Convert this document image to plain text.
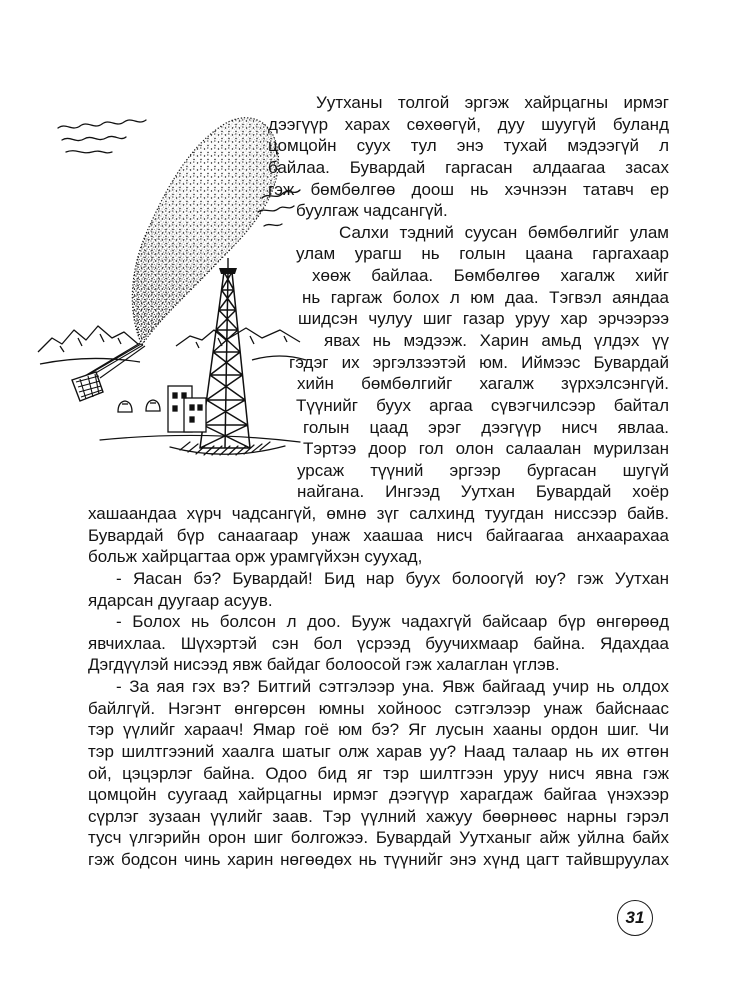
Уутханы толгой эргэж хайрцагны ирмэг
дээгүүр харах сөхөөгүй, дуу шуугүй буланд
цомцойн суух тул энэ тухай мэдээгүй л
байлаа. Бувардай гаргасан алдаагаа засах
гэж бөмбөлгөө доош нь хэчнээн татавч ер
буулгаж чадсангүй.
Салхи тэдний суусан бөмбөлгийг улам
улам урагш нь голын цаана гаргахаар
хөөж байлаа. Бөмбөлгөө хагалж хийг
нь гаргаж болох л юм даа. Тэгвэл аяндаа
шидсэн чулуу шиг газар уруу хар эрчээрээ
явах нь мэдээж. Харин амьд үлдэх үү
гэдэг их эргэлзээтэй юм. Иймээс Бувардай
хийн бөмбөлгийг хагалж зүрхэлсэнгүй.
Түүнийг буух аргаа сүвэгчилсээр байтал
голын цаад эрэг дээгүүр нисч явлаа.
Тэртээ доор гол олон салаалан мурилзан
урсаж түүний эргээр бургасан шугүй
найгана. Ингээд Уутхан Бувардай хоёр
хашаандаа хүрч чадсангүй, өмнө зүг салхинд туугдан ниссээр байв.
Бувардай бүр санаагаар унаж хаашаа нисч байгаагаа анхаарахаа
больж хайрцагтаа орж урамгүйхэн суухад,
- Яасан бэ? Бувардай! Бид нар буух болоогүй юу? гэж Уутхан
ядарсан дуугаар асуув.
- Болох нь болсон л доо. Бууж чадахгүй байсаар бүр өнгөрөөд
явчихлаа. Шүхэртэй сэн бол үсрээд буучихмаар байна. Ядахдаа
Дэгдүүлэй нисээд явж байдаг болоосой гэж халаглан үглэв.
- За яая гэх вэ? Битгий сэтгэлээр уна. Явж байгаад учир нь олдох
байлгүй. Нэгэнт өнгөрсөн юмны хойноос сэтгэлээр унаж байснаас
тэр үүлийг хараач! Ямар гоё юм бэ? Яг лусын хааны ордон шиг. Чи
тэр шилтгээний хаалга шатыг олж харав уу? Наад талаар нь их өтгөн
ой, цэцэрлэг байна. Одоо бид яг тэр шилтгээн уруу нисч явна гэж
цомцойн суугаад хайрцагны ирмэг дээгүүр харагдаж байгаа үнэхээр
сүрлэг зузаан үүлийг заав. Тэр үүлний хажуу бөөрнөөс нарны гэрэл
тусч үлгэрийн орон шиг болгожээ. Бувардай Уутханыг айж уйлна байх
гэж бодсон чинь харин нөгөөдөх нь түүнийг энэ хүнд цагт тайвшруулах
31
